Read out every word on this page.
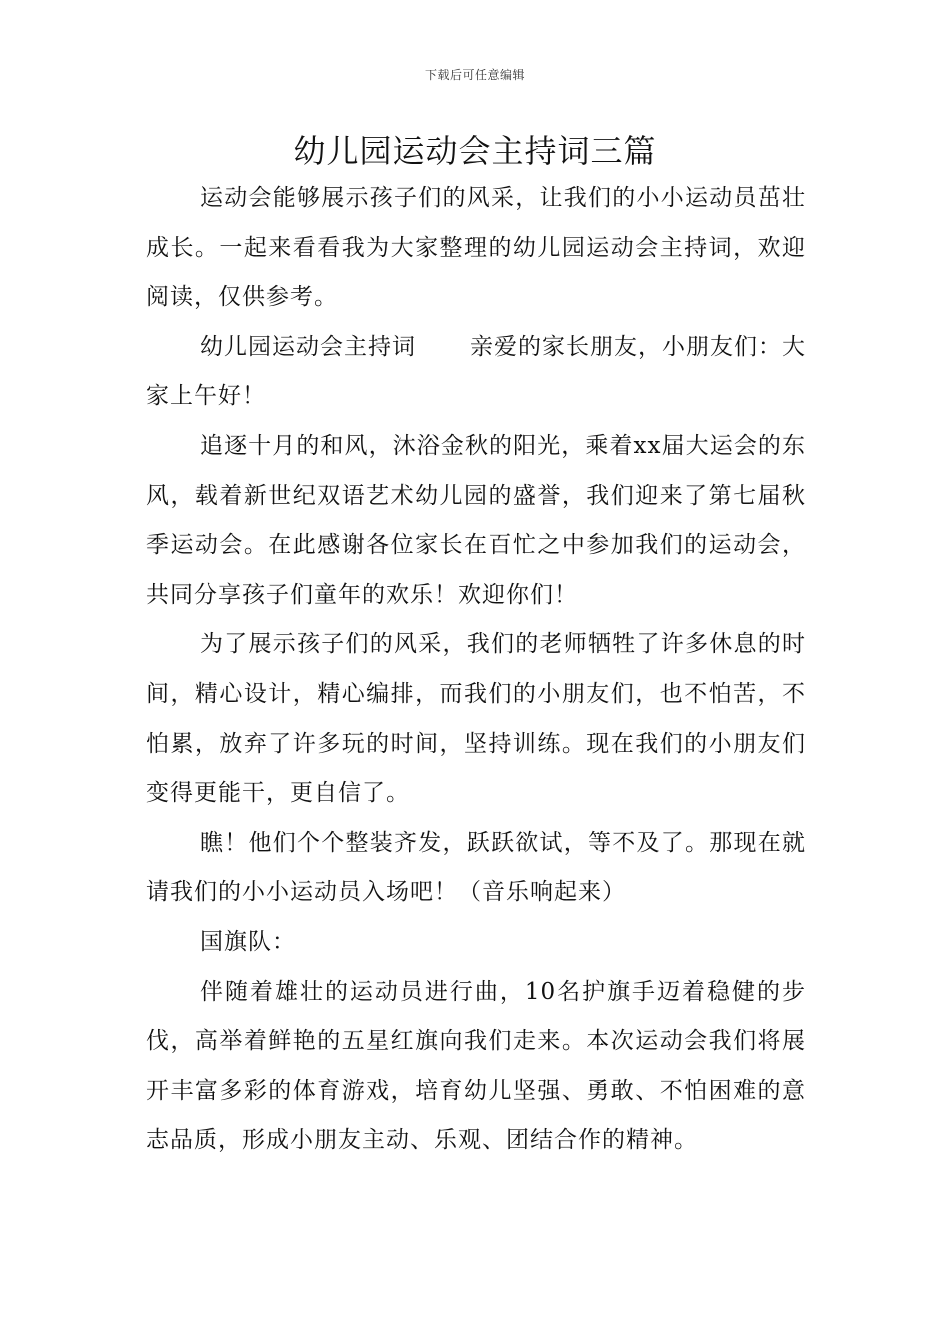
下载后可任意编辑
幼儿园运动会主持词三篇

运动会能够展示孩子们的风采，让我们的小小运动员茁壮成长。一起来看看我为大家整理的幼儿园运动会主持词，欢迎阅读，仅供参考。

幼儿园运动会主持词 亲爱的家长朋友，小朋友们：大家上午好！

追逐十月的和风，沐浴金秋的阳光，乘着xx届大运会的东风，载着新世纪双语艺术幼儿园的盛誉，我们迎来了第七届秋季运动会。在此感谢各位家长在百忙之中参加我们的运动会，共同分享孩子们童年的欢乐！欢迎你们！

为了展示孩子们的风采，我们的老师牺牲了许多休息的时间，精心设计，精心编排，而我们的小朋友们，也不怕苦，不怕累，放弃了许多玩的时间，坚持训练。现在我们的小朋友们变得更能干，更自信了。

瞧！他们个个整装齐发，跃跃欲试，等不及了。那现在就请我们的小小运动员入场吧！（音乐响起来）

国旗队：

伴随着雄壮的运动员进行曲，10名护旗手迈着稳健的步伐，高举着鲜艳的五星红旗向我们走来。本次运动会我们将展开丰富多彩的体育游戏，培育幼儿坚强、勇敢、不怕困难的意志品质，形成小朋友主动、乐观、团结合作的精神。
